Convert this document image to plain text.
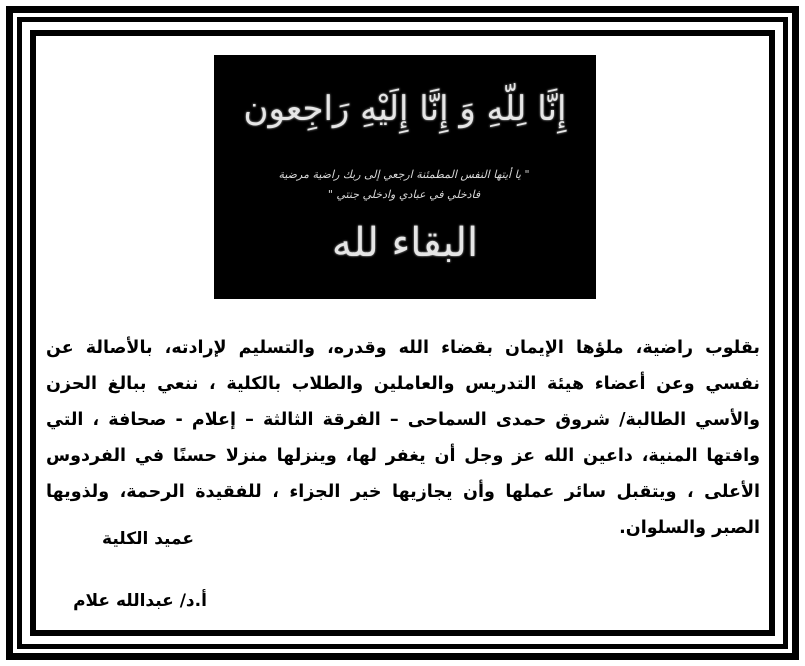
إِنَّا لِلّهِ وَ إِنَّا إِلَيْهِ رَاجِعون
" يا أيتها النفس المطمئنة ارجعي إلى ربك راضية مرضية
فادخلي في عبادي وادخلي جنتي "
البقاء لله

بقلوب راضية، ملؤها الإيمان بقضاء الله وقدره، والتسليم لإرادته، بالأصالة عن نفسي وعن أعضاء هيئة التدريس والعاملين والطلاب بالكلية ، ننعي ببالغ الحزن والأسي الطالبة/ شروق حمدى السماحى – الفرقة الثالثة – إعلام - صحافة ، التي وافتها المنية، داعين الله عز وجل أن يغفر لها، وينزلها منزلا حسنًا في الفردوس الأعلى ، ويتقبل سائر عملها وأن يجازيها خير الجزاء ، للفقيدة الرحمة، ولذويها الصبر والسلوان.

عميد الكلية
أ.د/ عبدالله علام
